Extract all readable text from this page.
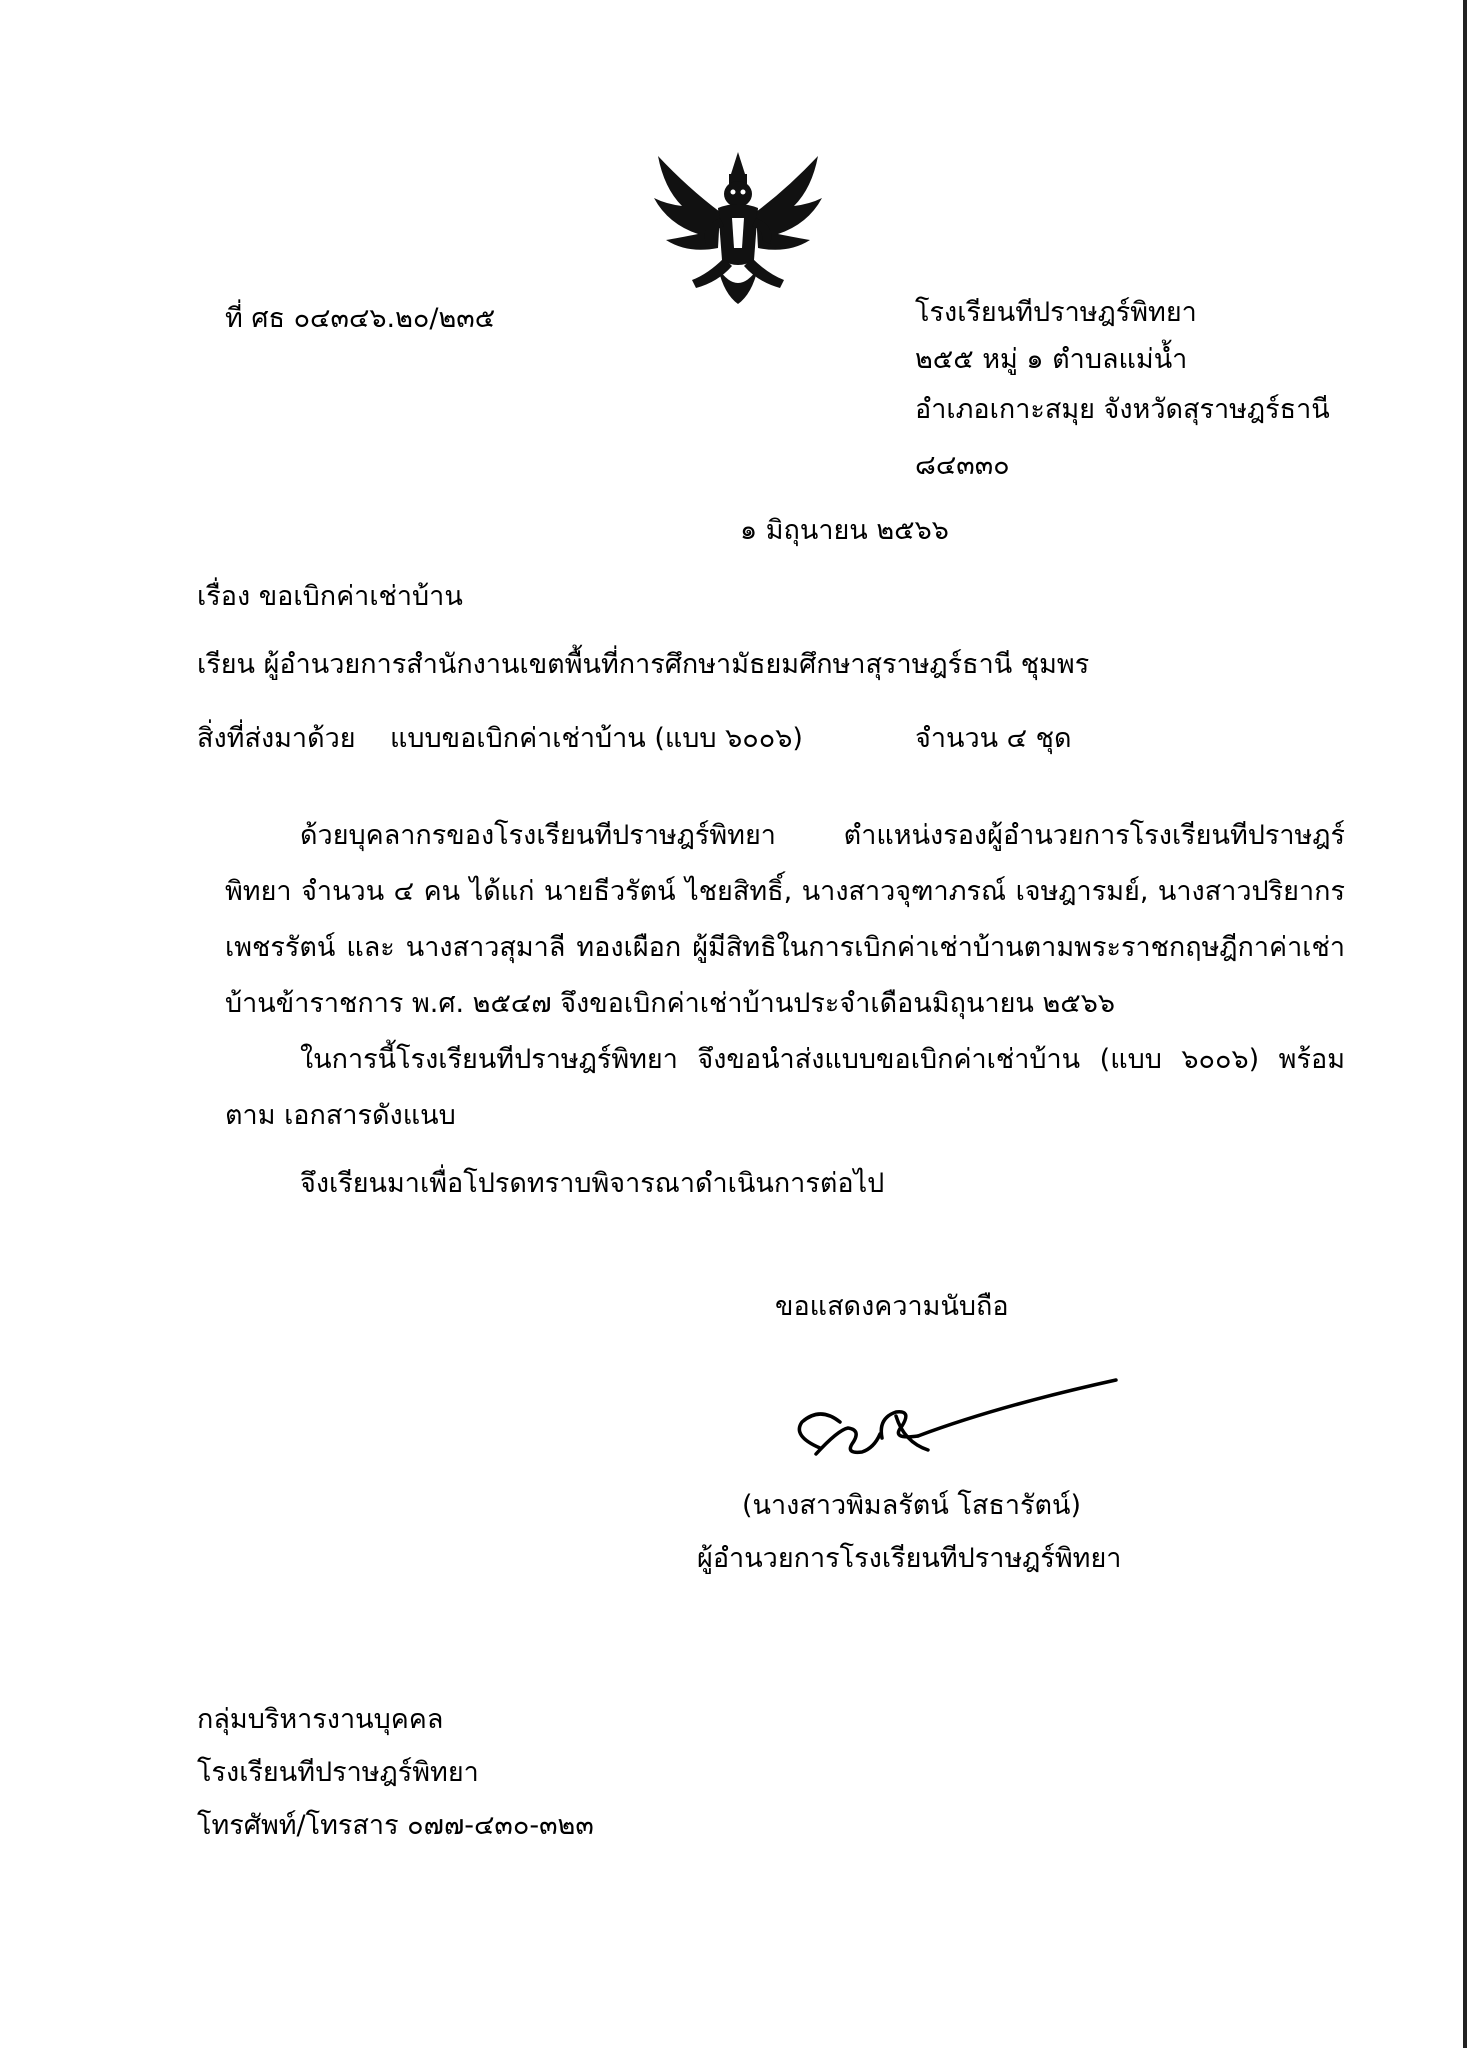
ที่ ศธ ๐๔๓๔๖.๒๐/๒๓๕	โรงเรียนทีปราษฎร์พิทยา
๒๕๕ หมู่ ๑ ตำบลแม่น้ำ
อำเภอเกาะสมุย จังหวัดสุราษฎร์ธานี
๘๔๓๓๐
๑ มิถุนายน ๒๕๖๖
เรื่อง ขอเบิกค่าเช่าบ้าน
เรียน ผู้อำนวยการสำนักงานเขตพื้นที่การศึกษามัธยมศึกษาสุราษฎร์ธานี ชุมพร
สิ่งที่ส่งมาด้วย แบบขอเบิกค่าเช่าบ้าน (แบบ ๖๐๐๖)	จำนวน ๔ ชุด
ด้วยบุคลากรของโรงเรียนทีปราษฎร์พิทยา ตำแหน่งรองผู้อำนวยการโรงเรียนทีปราษฎร์พิทยา จำนวน ๔ คน ได้แก่ นายธีวรัตน์ ไชยสิทธิ์, นางสาวจุฑาภรณ์ เจษฎารมย์, นางสาวปริยากร เพชรรัตน์ และ นางสาวสุมาลี ทองเผือก ผู้มีสิทธิในการเบิกค่าเช่าบ้านตามพระราชกฤษฎีกาค่าเช่าบ้านข้าราชการ พ.ศ. ๒๕๔๗ จึงขอเบิกค่าเช่าบ้านประจำเดือนมิถุนายน ๒๕๖๖
ในการนี้โรงเรียนทีปราษฎร์พิทยา จึงขอนำส่งแบบขอเบิกค่าเช่าบ้าน (แบบ ๖๐๐๖) พร้อมตาม เอกสารดังแนบ
จึงเรียนมาเพื่อโปรดทราบพิจารณาดำเนินการต่อไป
ขอแสดงความนับถือ
(นางสาวพิมลรัตน์ โสธารัตน์)
ผู้อำนวยการโรงเรียนทีปราษฎร์พิทยา
กลุ่มบริหารงานบุคคล
โรงเรียนทีปราษฎร์พิทยา
โทรศัพท์/โทรสาร ๐๗๗-๔๓๐-๓๒๓
